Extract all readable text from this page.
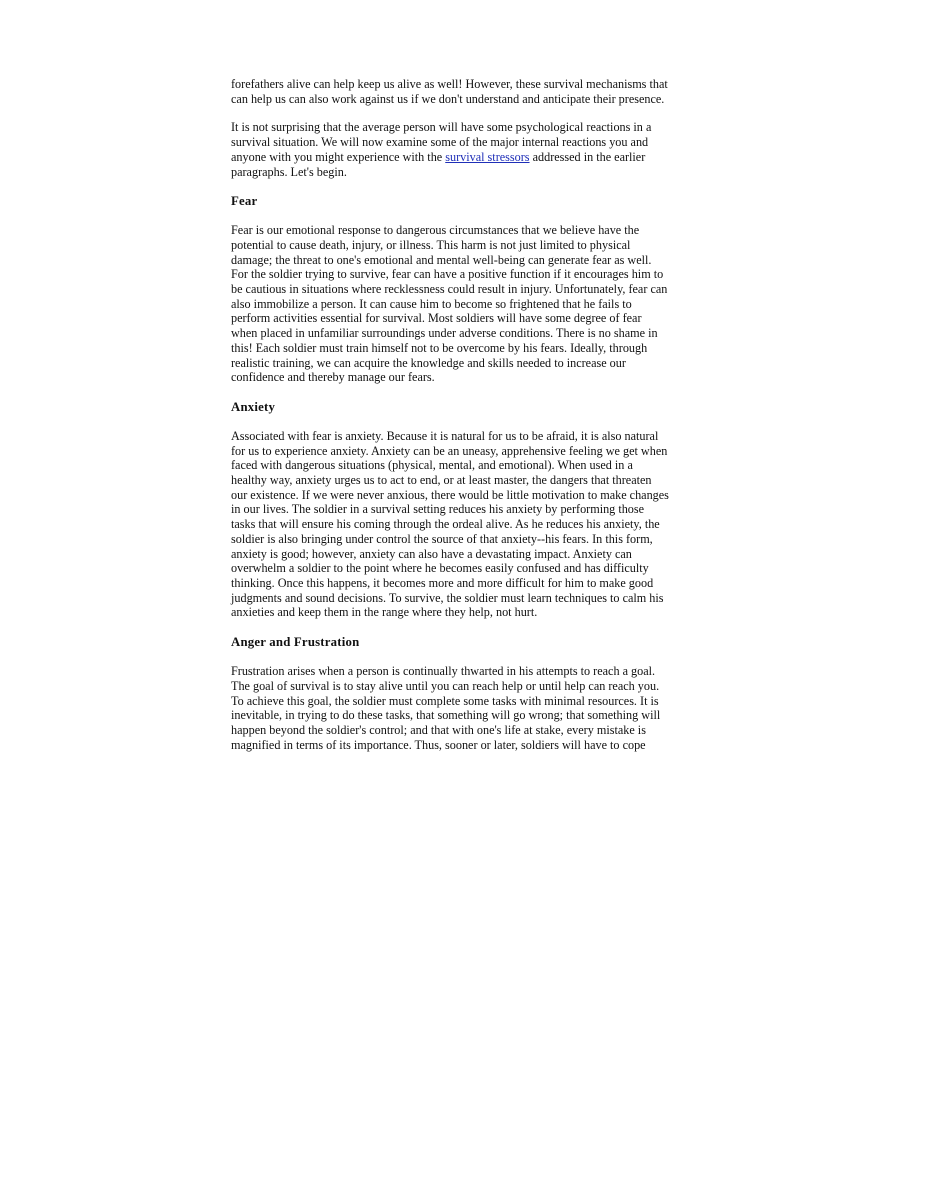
forefathers alive can help keep us alive as well! However, these survival mechanisms that
can help us can also work against us if we don't understand and anticipate their presence.

It is not surprising that the average person will have some psychological reactions in a
survival situation. We will now examine some of the major internal reactions you and
anyone with you might experience with the survival stressors addressed in the earlier
paragraphs. Let's begin.

Fear

Fear is our emotional response to dangerous circumstances that we believe have the
potential to cause death, injury, or illness. This harm is not just limited to physical
damage; the threat to one's emotional and mental well-being can generate fear as well.
For the soldier trying to survive, fear can have a positive function if it encourages him to
be cautious in situations where recklessness could result in injury. Unfortunately, fear can
also immobilize a person. It can cause him to become so frightened that he fails to
perform activities essential for survival. Most soldiers will have some degree of fear
when placed in unfamiliar surroundings under adverse conditions. There is no shame in
this! Each soldier must train himself not to be overcome by his fears. Ideally, through
realistic training, we can acquire the knowledge and skills needed to increase our
confidence and thereby manage our fears.

Anxiety

Associated with fear is anxiety. Because it is natural for us to be afraid, it is also natural
for us to experience anxiety. Anxiety can be an uneasy, apprehensive feeling we get when
faced with dangerous situations (physical, mental, and emotional). When used in a
healthy way, anxiety urges us to act to end, or at least master, the dangers that threaten
our existence. If we were never anxious, there would be little motivation to make changes
in our lives. The soldier in a survival setting reduces his anxiety by performing those
tasks that will ensure his coming through the ordeal alive. As he reduces his anxiety, the
soldier is also bringing under control the source of that anxiety--his fears. In this form,
anxiety is good; however, anxiety can also have a devastating impact. Anxiety can
overwhelm a soldier to the point where he becomes easily confused and has difficulty
thinking. Once this happens, it becomes more and more difficult for him to make good
judgments and sound decisions. To survive, the soldier must learn techniques to calm his
anxieties and keep them in the range where they help, not hurt.

Anger and Frustration

Frustration arises when a person is continually thwarted in his attempts to reach a goal.
The goal of survival is to stay alive until you can reach help or until help can reach you.
To achieve this goal, the soldier must complete some tasks with minimal resources. It is
inevitable, in trying to do these tasks, that something will go wrong; that something will
happen beyond the soldier's control; and that with one's life at stake, every mistake is
magnified in terms of its importance. Thus, sooner or later, soldiers will have to cope
